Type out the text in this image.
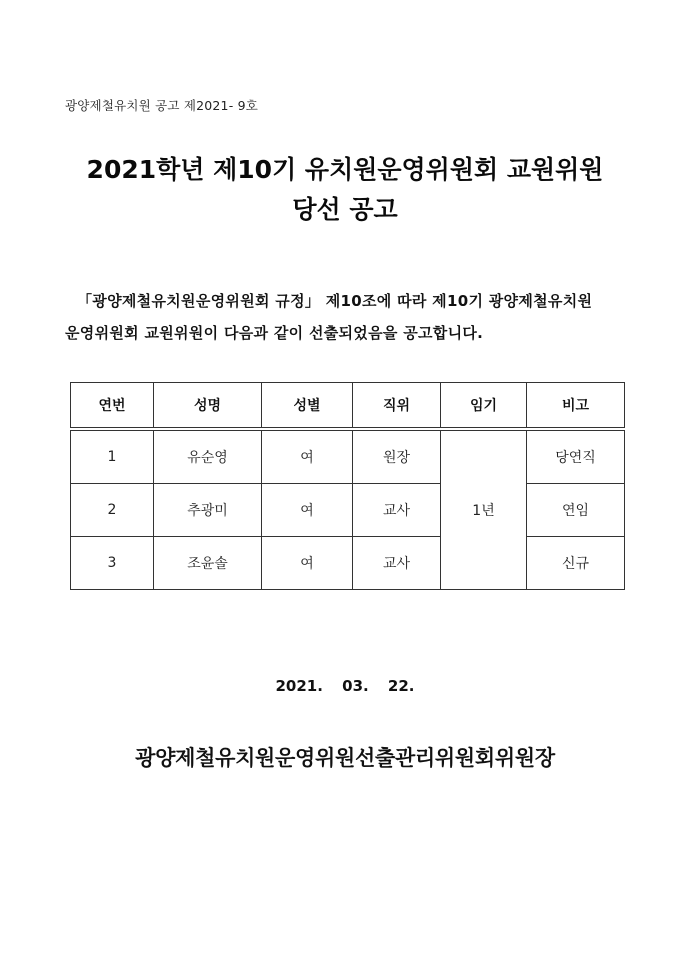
광양제철유치원 공고 제2021- 9호
2021학년 제10기 유치원운영위원회 교원위원
당선 공고
「광양제철유치원운영위원회 규정」 제10조에 따라 제10기 광양제철유치원
운영위원회 교원위원이 다음과 같이 선출되었음을 공고합니다.
연번	성명	성별	직위	임기	비고
1	유순영	여	원장	1년	당연직
2	추광미	여	교사		연임
3	조윤솔	여	교사		신규
2021. 03. 22.
광양제철유치원운영위원선출관리위원회위원장
